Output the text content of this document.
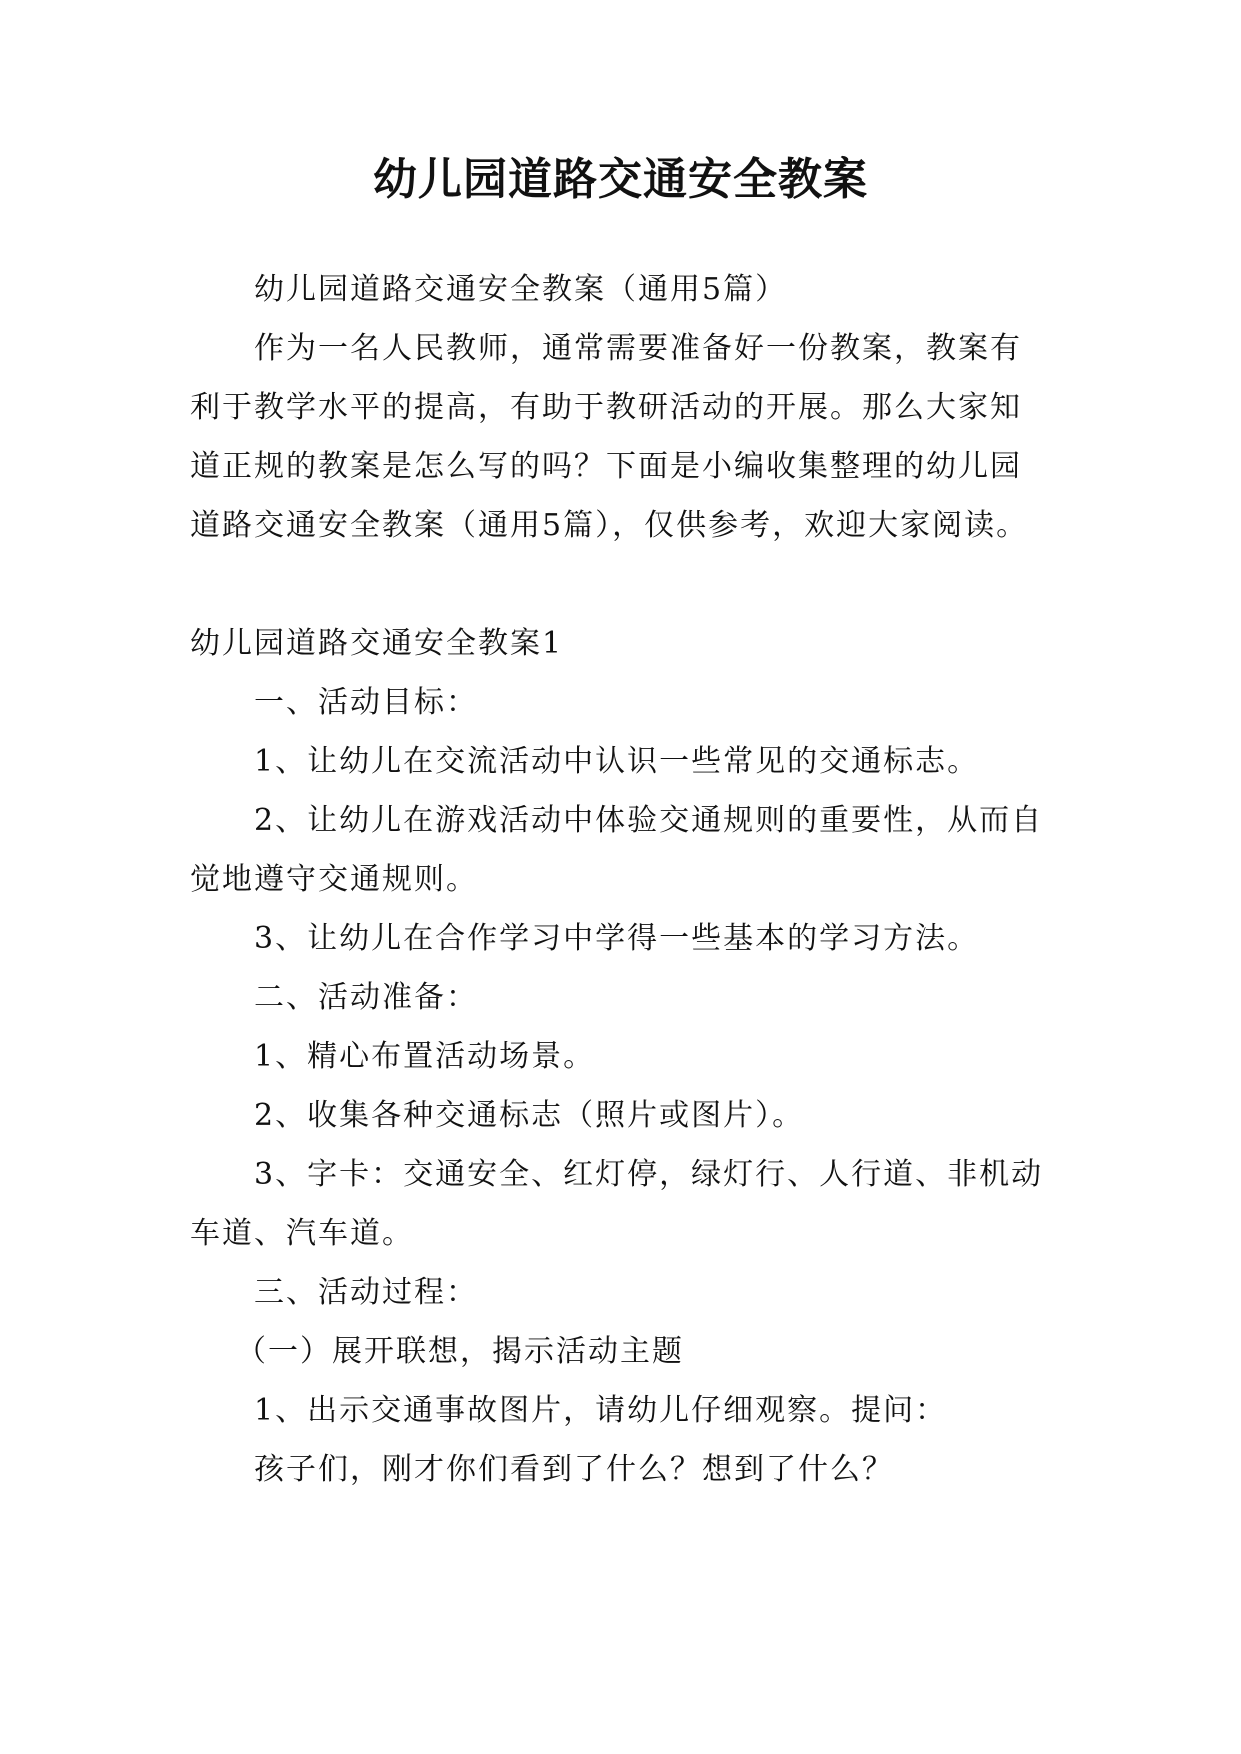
幼儿园道路交通安全教案

幼儿园道路交通安全教案（通用5篇）

作为一名人民教师，通常需要准备好一份教案，教案有利于教学水平的提高，有助于教研活动的开展。那么大家知道正规的教案是怎么写的吗？下面是小编收集整理的幼儿园道路交通安全教案（通用5篇），仅供参考，欢迎大家阅读。

幼儿园道路交通安全教案1

一、活动目标：

1、让幼儿在交流活动中认识一些常见的交通标志。

2、让幼儿在游戏活动中体验交通规则的重要性，从而自觉地遵守交通规则。

3、让幼儿在合作学习中学得一些基本的学习方法。

二、活动准备：

1、精心布置活动场景。

2、收集各种交通标志（照片或图片）。

3、字卡：交通安全、红灯停，绿灯行、人行道、非机动车道、汽车道。

三、活动过程：

（一）展开联想，揭示活动主题

1、出示交通事故图片，请幼儿仔细观察。提问：

孩子们，刚才你们看到了什么？想到了什么？
